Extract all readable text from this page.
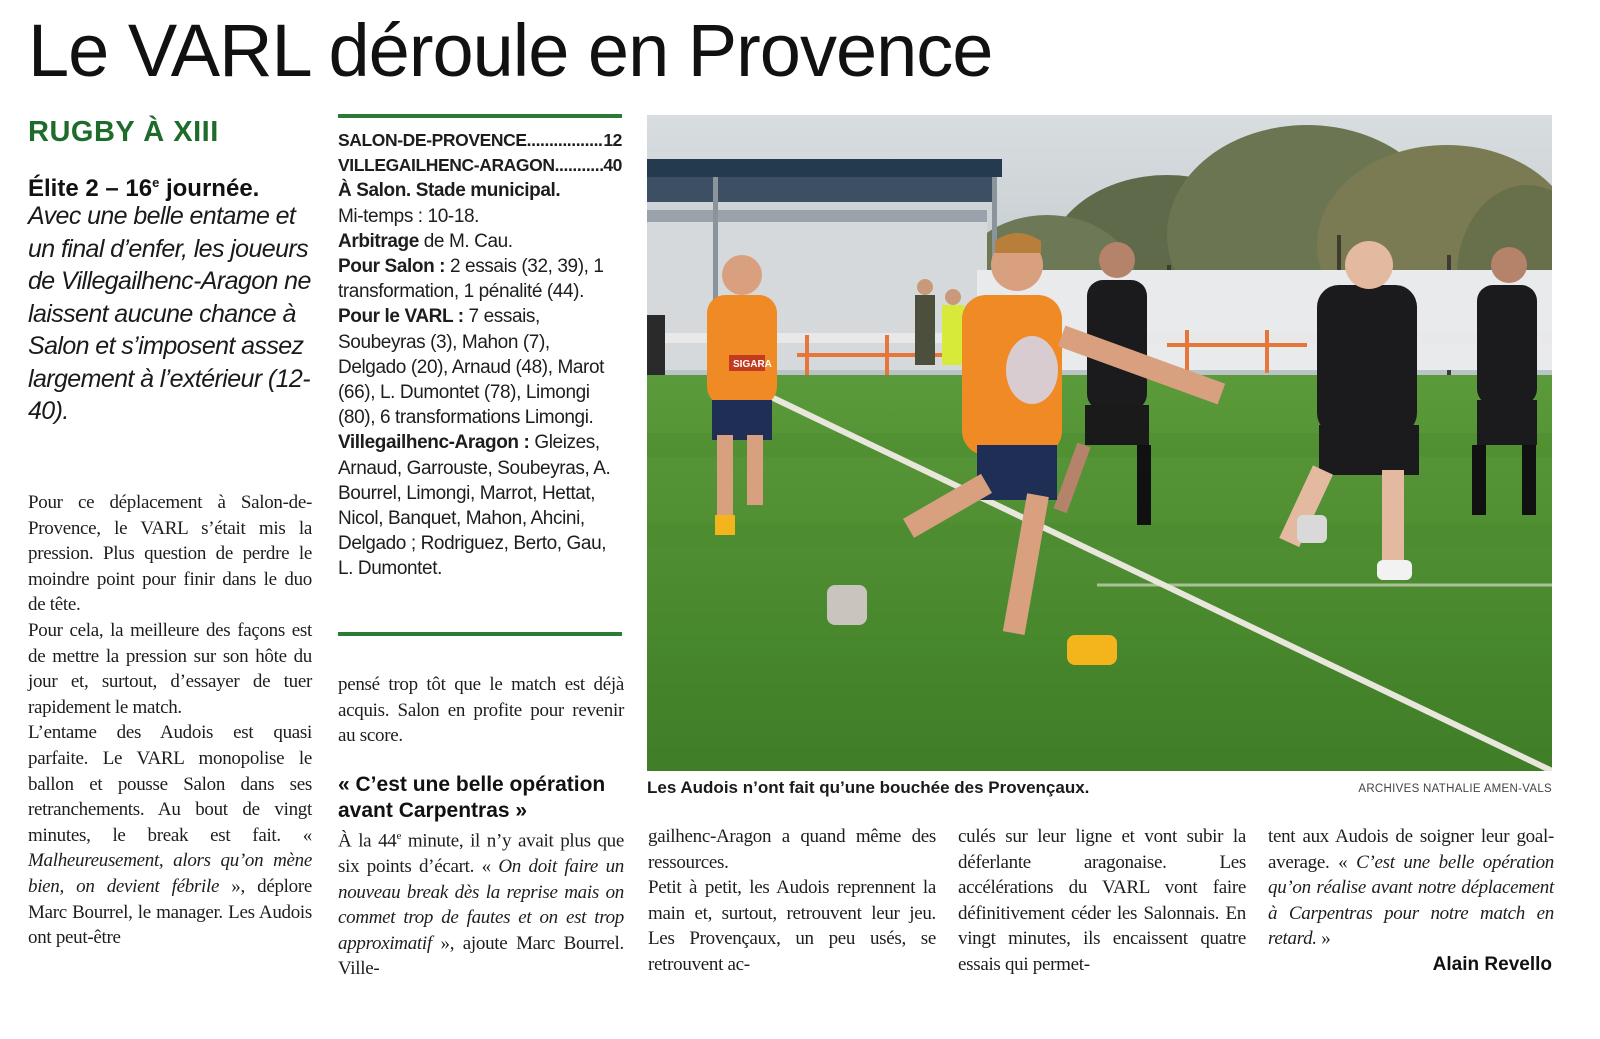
Le VARL déroule en Provence
RUGBY À XIII
Élite 2 – 16e journée.
Avec une belle entame et un final d’enfer, les joueurs de Villegailhenc-Aragon ne laissent aucune chance à Salon et s’imposent assez largement à l’extérieur (12-40).

Pour ce déplacement à Salon-de-Provence, le VARL s’était mis la pression. Plus question de perdre le moindre point pour finir dans le duo de tête.

Pour cela, la meilleure des façons est de mettre la pression sur son hôte du jour et, surtout, d’essayer de tuer rapidement le match.

L’entame des Audois est quasi parfaite. Le VARL monopolise le ballon et pousse Salon dans ses retranchements. Au bout de vingt minutes, le break est fait. « Malheureusement, alors qu’on mène bien, on devient fébrile », déplore Marc Bourrel, le manager. Les Audois ont peut-être

SALON-DE-PROVENCE .....	12
VILLEGAILHENC-ARAGON .....	40
À Salon. Stade municipal.
Mi-temps : 10-18.
Arbitrage de M. Cau.
Pour Salon : 2 essais (32, 39), 1 transformation, 1 pénalité (44).
Pour le VARL : 7 essais, Soubeyras (3), Mahon (7), Delgado (20), Arnaud (48), Marot (66), L. Dumontet (78), Limongi (80), 6 transformations Limongi.
Villegailhenc-Aragon : Gleizes, Arnaud, Garrouste, Soubeyras, A. Bourrel, Limongi, Marrot, Hettat, Nicol, Banquet, Mahon, Ahcini, Delgado ; Rodriguez, Berto, Gau, L. Dumontet.
pensé trop tôt que le match est déjà acquis. Salon en profite pour revenir au score.
« C’est une belle opération avant Carpentras »
À la 44e minute, il n’y avait plus que six points d’écart. « On doit faire un nouveau break dès la reprise mais on commet trop de fautes et on est trop approximatif », ajoute Marc Bourrel. Ville-

gailhenc-Aragon a quand même des ressources.

Petit à petit, les Audois reprennent la main et, surtout, retrouvent leur jeu. Les Provençaux, un peu usés, se retrouvent ac-

culés sur leur ligne et vont subir la déferlante aragonaise. Les accélérations du VARL vont faire définitivement céder les Salonnais. En vingt minutes, ils encaissent quatre essais qui permet-
tent aux Audois de soigner leur goal-average. « C’est une belle opération qu’on réalise avant notre déplacement à Carpentras pour notre match en retard. »
Alain Revello
SIGARA
Les Audois n’ont fait qu’une bouchée des Provençaux.	ARCHIVES NATHALIE AMEN-VALS
